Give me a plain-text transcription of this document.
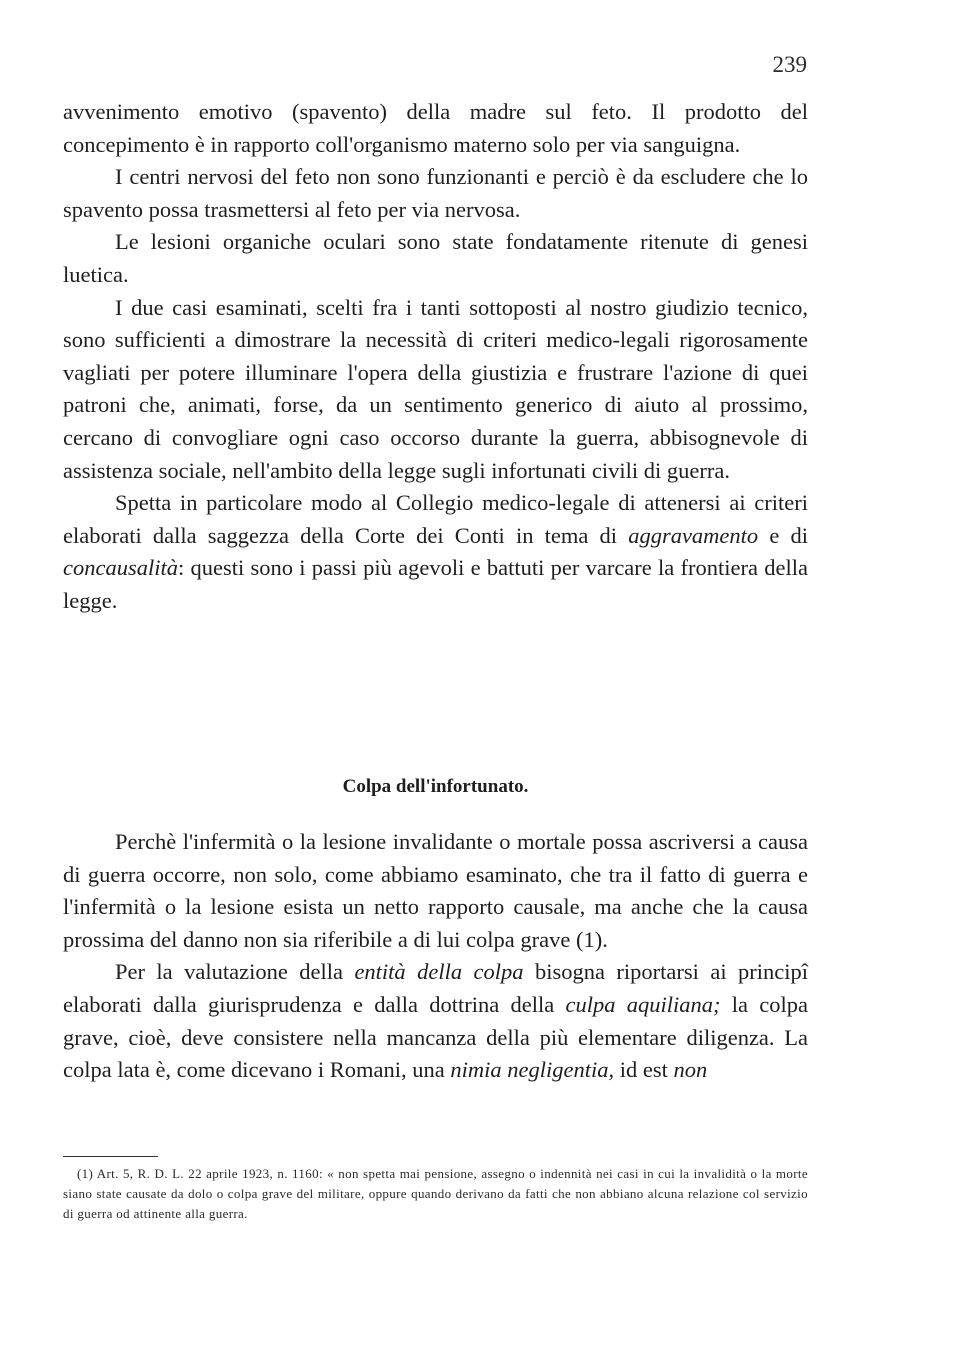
239

avvenimento emotivo (spavento) della madre sul feto. Il prodotto del concepimento è in rapporto coll'organismo materno solo per via sanguigna.

I centri nervosi del feto non sono funzionanti e perciò è da escludere che lo spavento possa trasmettersi al feto per via nervosa.

Le lesioni organiche oculari sono state fondatamente ritenute di genesi luetica.

I due casi esaminati, scelti fra i tanti sottoposti al nostro giudizio tecnico, sono sufficienti a dimostrare la necessità di criteri medico-legali rigorosamente vagliati per potere illuminare l'opera della giustizia e frustrare l'azione di quei patroni che, animati, forse, da un sentimento generico di aiuto al prossimo, cercano di convogliare ogni caso occorso durante la guerra, abbisognevole di assistenza sociale, nell'ambito della legge sugli infortunati civili di guerra.

Spetta in particolare modo al Collegio medico-legale di attenersi ai criteri elaborati dalla saggezza della Corte dei Conti in tema di aggravamento e di concausalità: questi sono i passi più agevoli e battuti per varcare la frontiera della legge.

Colpa dell'infortunato.

Perchè l'infermità o la lesione invalidante o mortale possa ascriversi a causa di guerra occorre, non solo, come abbiamo esaminato, che tra il fatto di guerra e l'infermità o la lesione esista un netto rapporto causale, ma anche che la causa prossima del danno non sia riferibile a di lui colpa grave (1).

Per la valutazione della entità della colpa bisogna riportarsi ai principî elaborati dalla giurisprudenza e dalla dottrina della culpa aquiliana; la colpa grave, cioè, deve consistere nella mancanza della più elementare diligenza. La colpa lata è, come dicevano i Romani, una nimia negligentia, id est non

(1) Art. 5, R. D. L. 22 aprile 1923, n. 1160: « non spetta mai pensione, assegno o indennità nei casi in cui la invalidità o la morte siano state causate da dolo o colpa grave del militare, oppure quando derivano da fatti che non abbiano alcuna relazione col servizio di guerra od attinente alla guerra.
